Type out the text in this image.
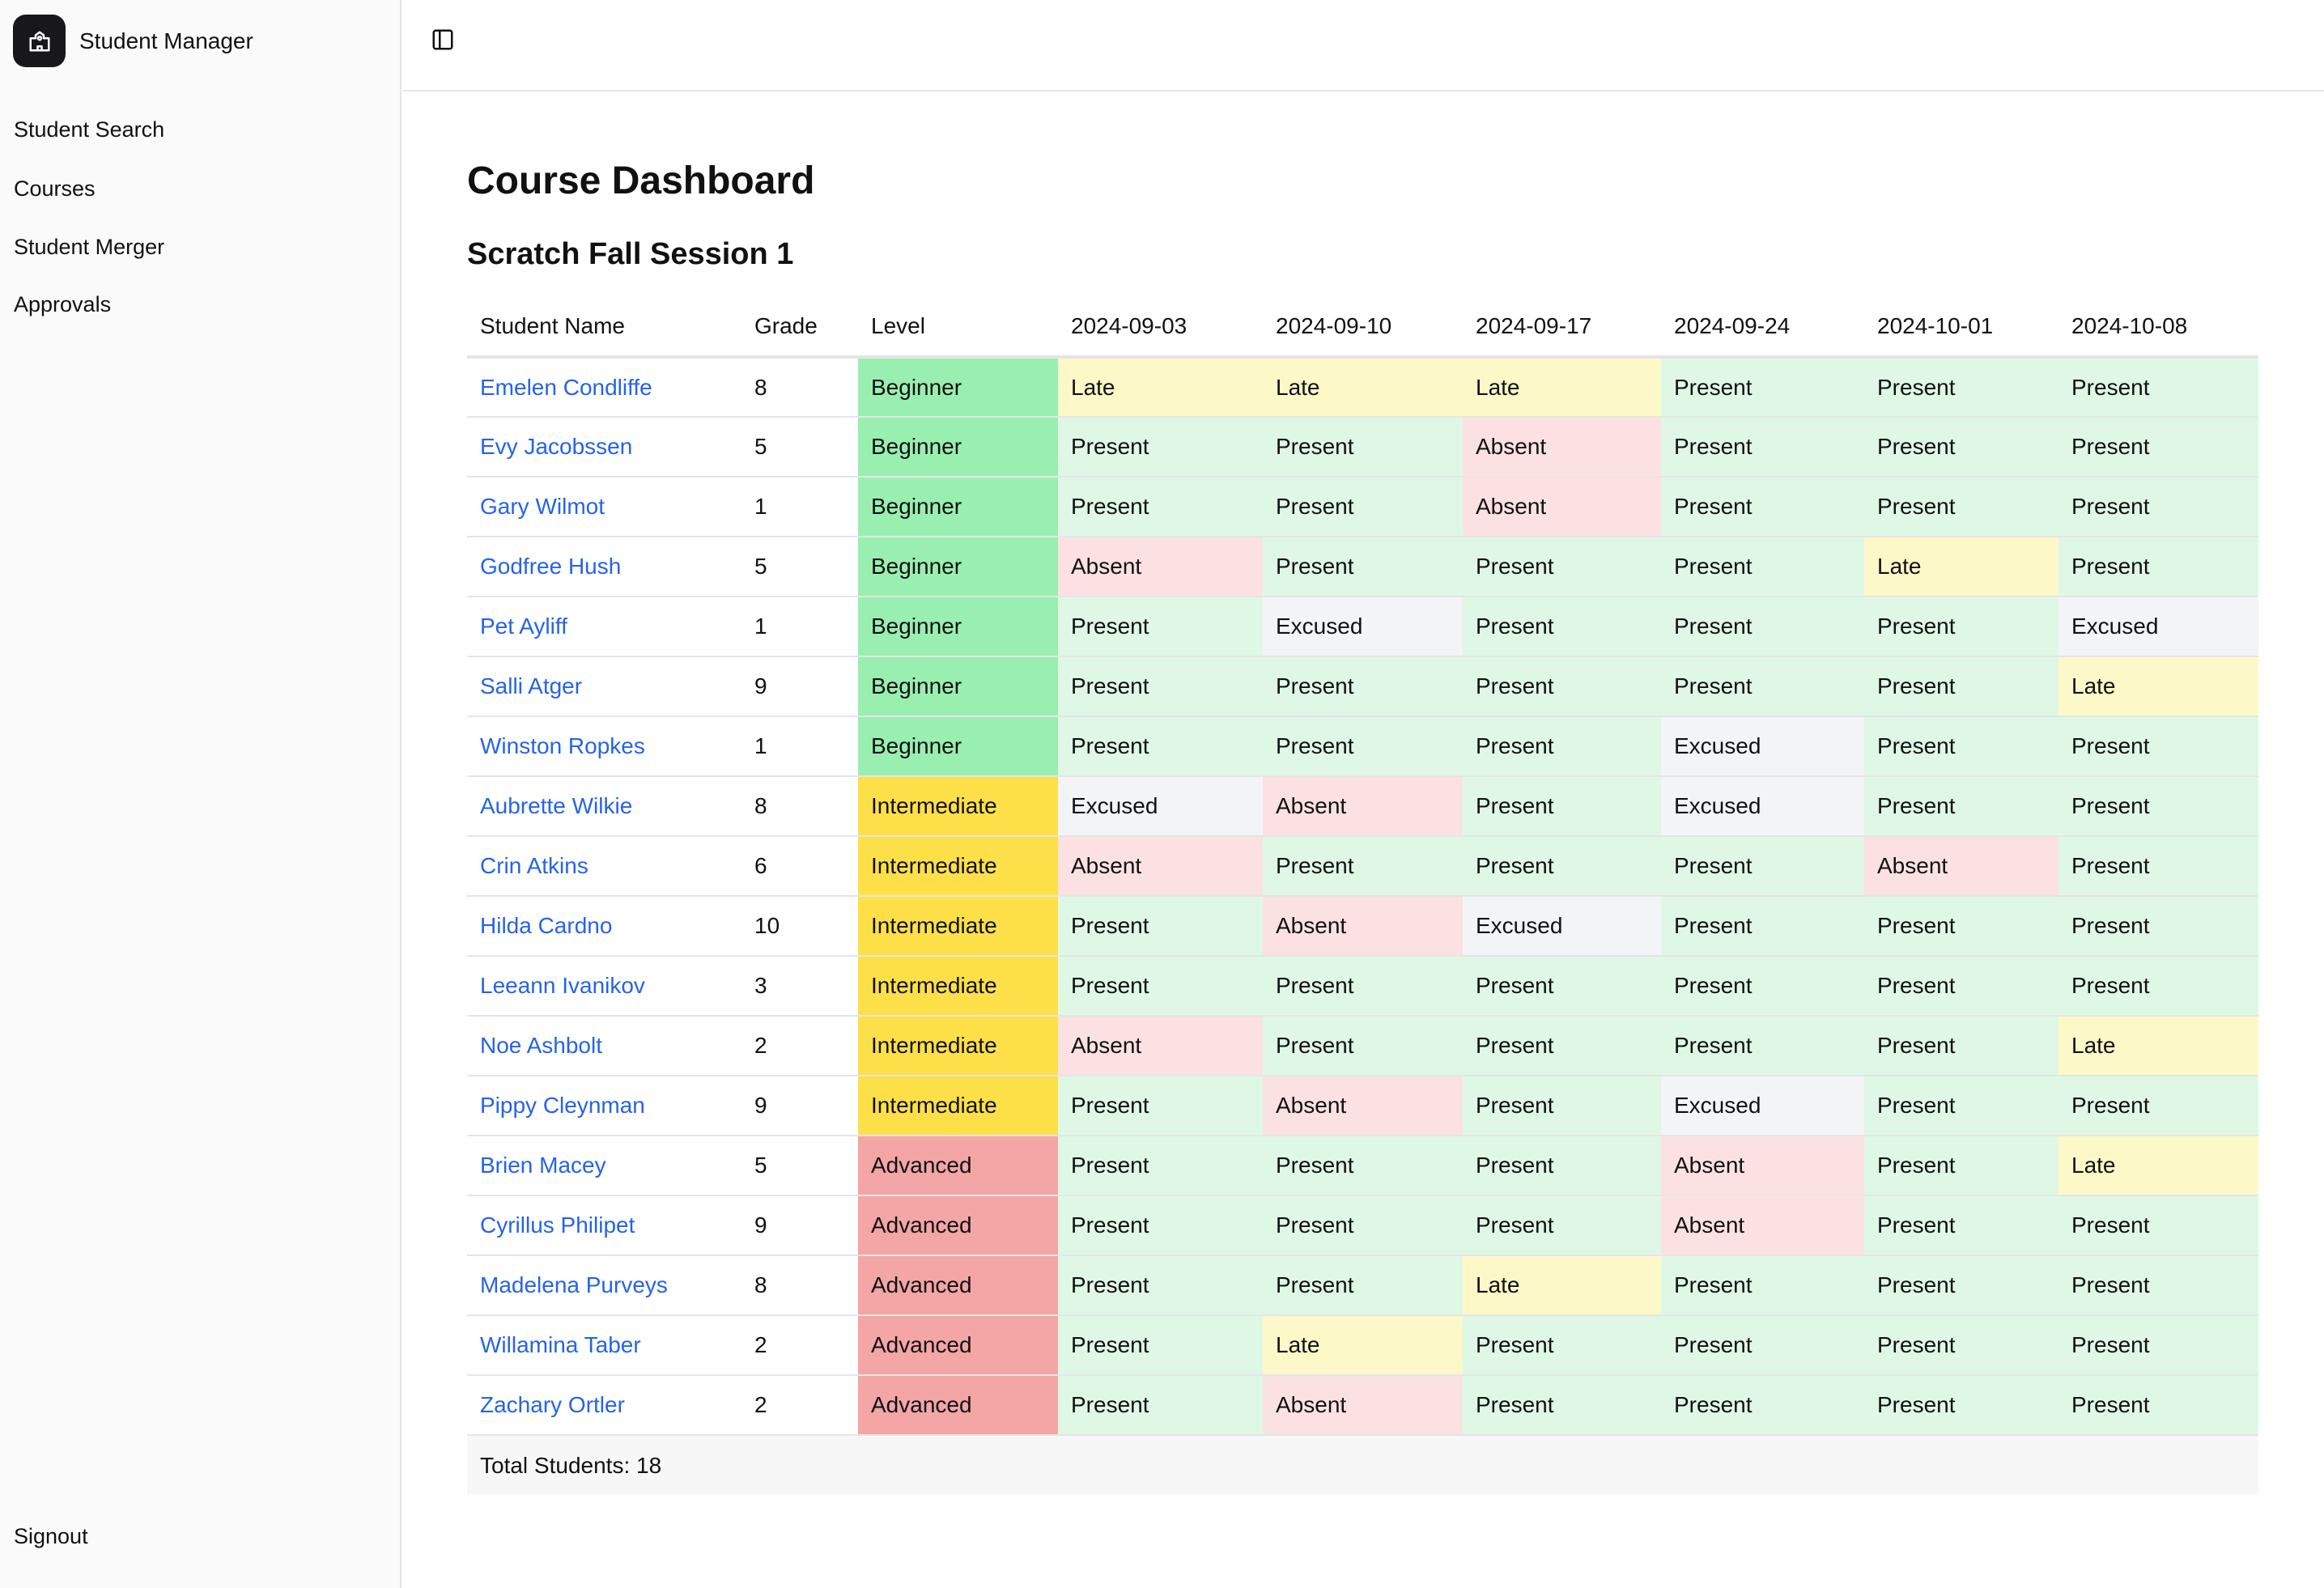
Student Manager
Student Search
Courses
Student Merger
Approvals
Signout
Course Dashboard
Scratch Fall Session 1
Student Name	Grade	Level	2024-09-03	2024-09-10	2024-09-17	2024-09-24	2024-10-01	2024-10-08
Emelen Condliffe	8	Beginner	Late	Late	Late	Present	Present	Present
Evy Jacobssen	5	Beginner	Present	Present	Absent	Present	Present	Present
Gary Wilmot	1	Beginner	Present	Present	Absent	Present	Present	Present
Godfree Hush	5	Beginner	Absent	Present	Present	Present	Late	Present
Pet Ayliff	1	Beginner	Present	Excused	Present	Present	Present	Excused
Salli Atger	9	Beginner	Present	Present	Present	Present	Present	Late
Winston Ropkes	1	Beginner	Present	Present	Present	Excused	Present	Present
Aubrette Wilkie	8	Intermediate	Excused	Absent	Present	Excused	Present	Present
Crin Atkins	6	Intermediate	Absent	Present	Present	Present	Absent	Present
Hilda Cardno	10	Intermediate	Present	Absent	Excused	Present	Present	Present
Leeann Ivanikov	3	Intermediate	Present	Present	Present	Present	Present	Present
Noe Ashbolt	2	Intermediate	Absent	Present	Present	Present	Present	Late
Pippy Cleynman	9	Intermediate	Present	Absent	Present	Excused	Present	Present
Brien Macey	5	Advanced	Present	Present	Present	Absent	Present	Late
Cyrillus Philipet	9	Advanced	Present	Present	Present	Absent	Present	Present
Madelena Purveys	8	Advanced	Present	Present	Late	Present	Present	Present
Willamina Taber	2	Advanced	Present	Late	Present	Present	Present	Present
Zachary Ortler	2	Advanced	Present	Absent	Present	Present	Present	Present
Total Students: 18								
